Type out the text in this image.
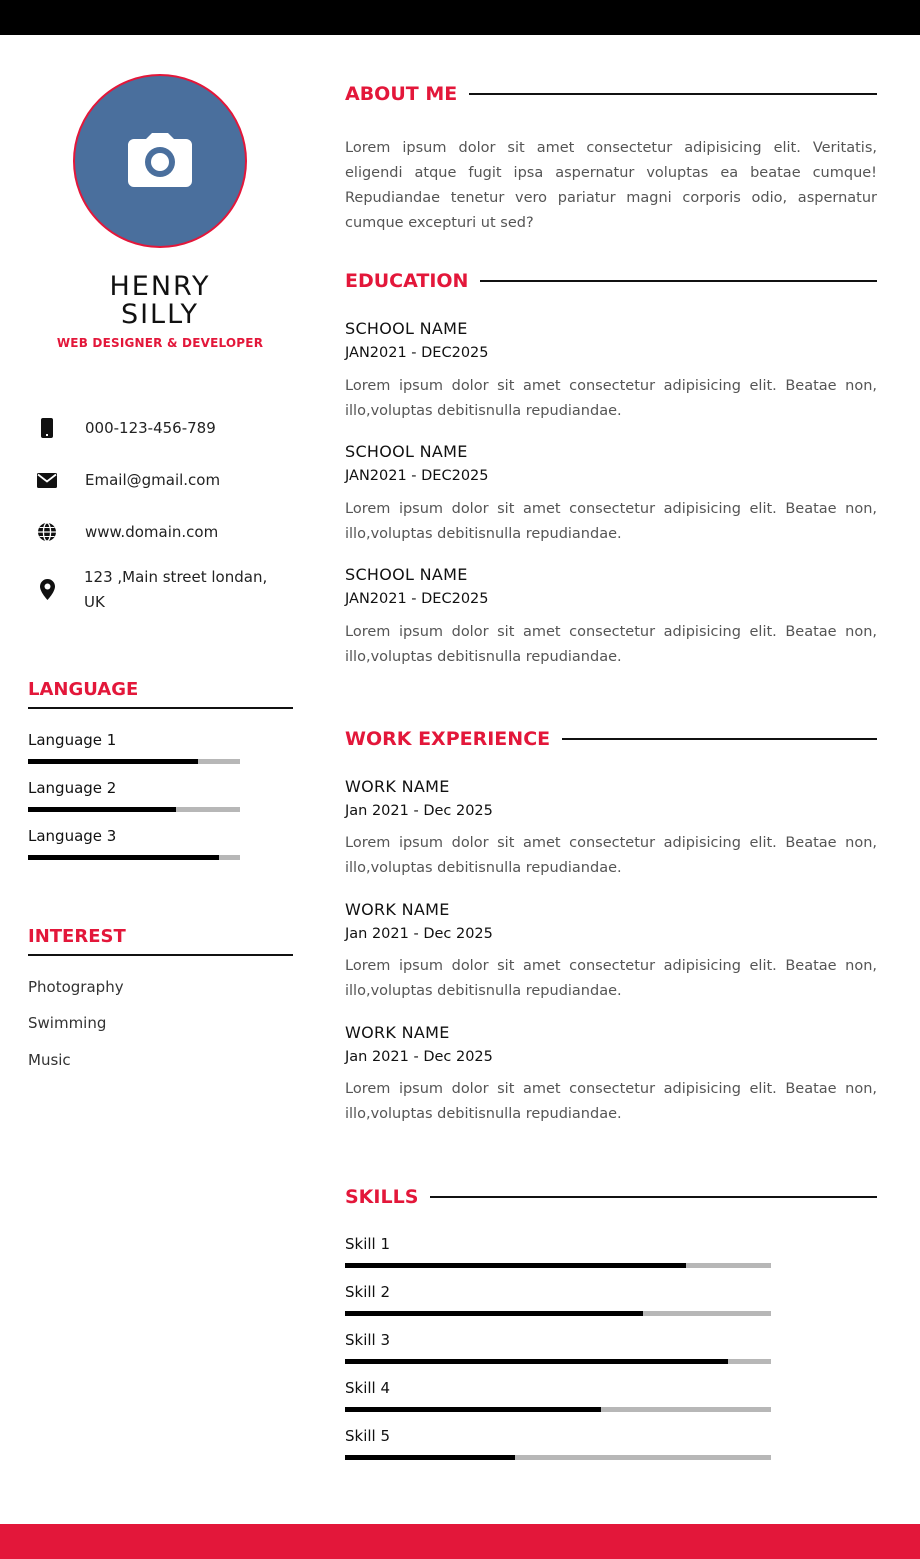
HENRY
SILLY
WEB DESIGNER & DEVELOPER
000-123-456-789
Email@gmail.com
www.domain.com
123 ,Main street londan,
UK
LANGUAGE
Language 1
Language 2
Language 3
INTEREST
Photography
Swimming
Music
ABOUT ME
Lorem ipsum dolor sit amet consectetur adipisicing elit. Veritatis, eligendi atque fugit ipsa aspernatur voluptas ea beatae cumque! Repudiandae tenetur vero pariatur magni corporis odio, aspernatur cumque excepturi ut sed?
EDUCATION
SCHOOL NAME
JAN2021 - DEC2025
Lorem ipsum dolor sit amet consectetur adipisicing elit. Beatae non, illo,voluptas debitisnulla repudiandae.
SCHOOL NAME
JAN2021 - DEC2025
Lorem ipsum dolor sit amet consectetur adipisicing elit. Beatae non, illo,voluptas debitisnulla repudiandae.
SCHOOL NAME
JAN2021 - DEC2025
Lorem ipsum dolor sit amet consectetur adipisicing elit. Beatae non, illo,voluptas debitisnulla repudiandae.
WORK EXPERIENCE
WORK NAME
Jan 2021 - Dec 2025
Lorem ipsum dolor sit amet consectetur adipisicing elit. Beatae non, illo,voluptas debitisnulla repudiandae.
WORK NAME
Jan 2021 - Dec 2025
Lorem ipsum dolor sit amet consectetur adipisicing elit. Beatae non, illo,voluptas debitisnulla repudiandae.
WORK NAME
Jan 2021 - Dec 2025
Lorem ipsum dolor sit amet consectetur adipisicing elit. Beatae non, illo,voluptas debitisnulla repudiandae.
SKILLS
Skill 1
Skill 2
Skill 3
Skill 4
Skill 5
